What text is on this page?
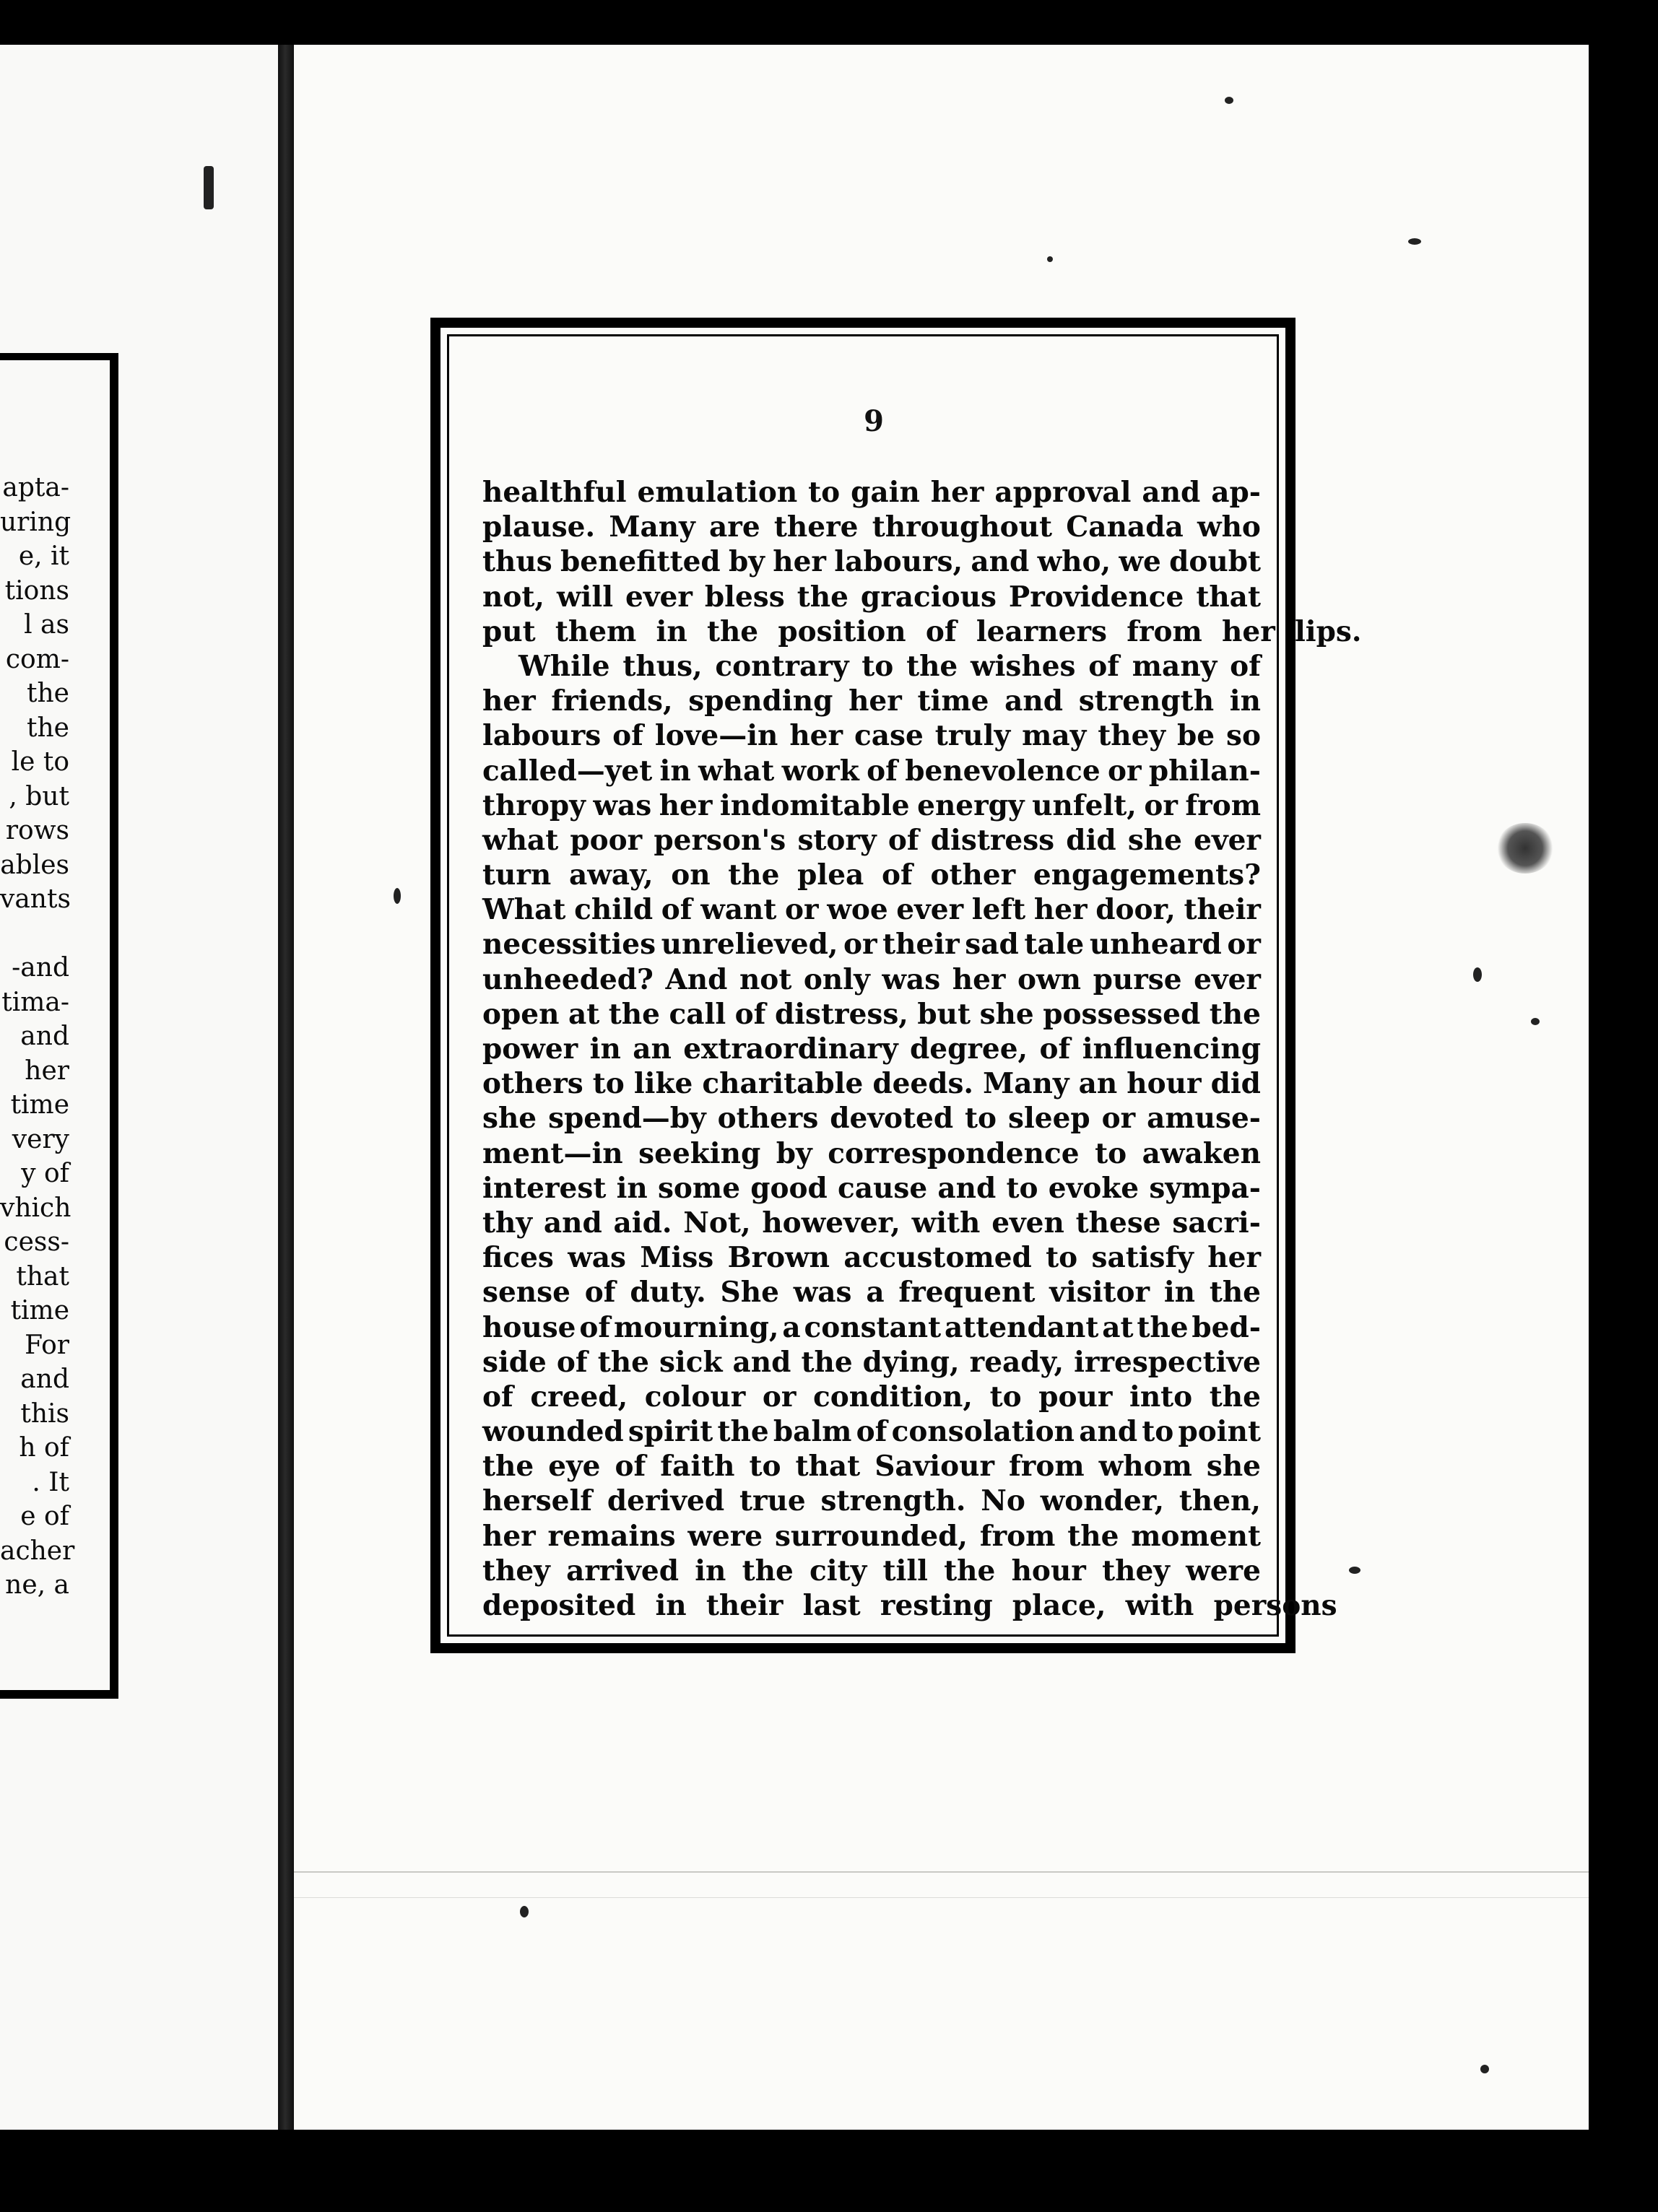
apta-
uring
e, it
tions
l as
com-
the
the
le to
, but
rows
ables
vants
-and
tima-
and
her
time
very
y of
vhich
cess-
that
time
For
and
this
h of
. It
e of
acher
ne, a
9
healthful emulation to gain her approval and ap-
plause. Many are there throughout Canada who
thus benefitted by her labours, and who, we doubt
not, will ever bless the gracious Providence that
put them in the position of learners from her lips.
While thus, contrary to the wishes of many of
her friends, spending her time and strength in
labours of love—in her case truly may they be so
called—yet in what work of benevolence or philan-
thropy was her indomitable energy unfelt, or from
what poor person's story of distress did she ever
turn away, on the plea of other engagements?
What child of want or woe ever left her door, their
necessities unrelieved, or their sad tale unheard or
unheeded? And not only was her own purse ever
open at the call of distress, but she possessed the
power in an extraordinary degree, of influencing
others to like charitable deeds. Many an hour did
she spend—by others devoted to sleep or amuse-
ment—in seeking by correspondence to awaken
interest in some good cause and to evoke sympa-
thy and aid. Not, however, with even these sacri-
fices was Miss Brown accustomed to satisfy her
sense of duty. She was a frequent visitor in the
house of mourning, a constant attendant at the bed-
side of the sick and the dying, ready, irrespective
of creed, colour or condition, to pour into the
wounded spirit the balm of consolation and to point
the eye of faith to that Saviour from whom she
herself derived true strength. No wonder, then,
her remains were surrounded, from the moment
they arrived in the city till the hour they were
deposited in their last resting place, with persons
